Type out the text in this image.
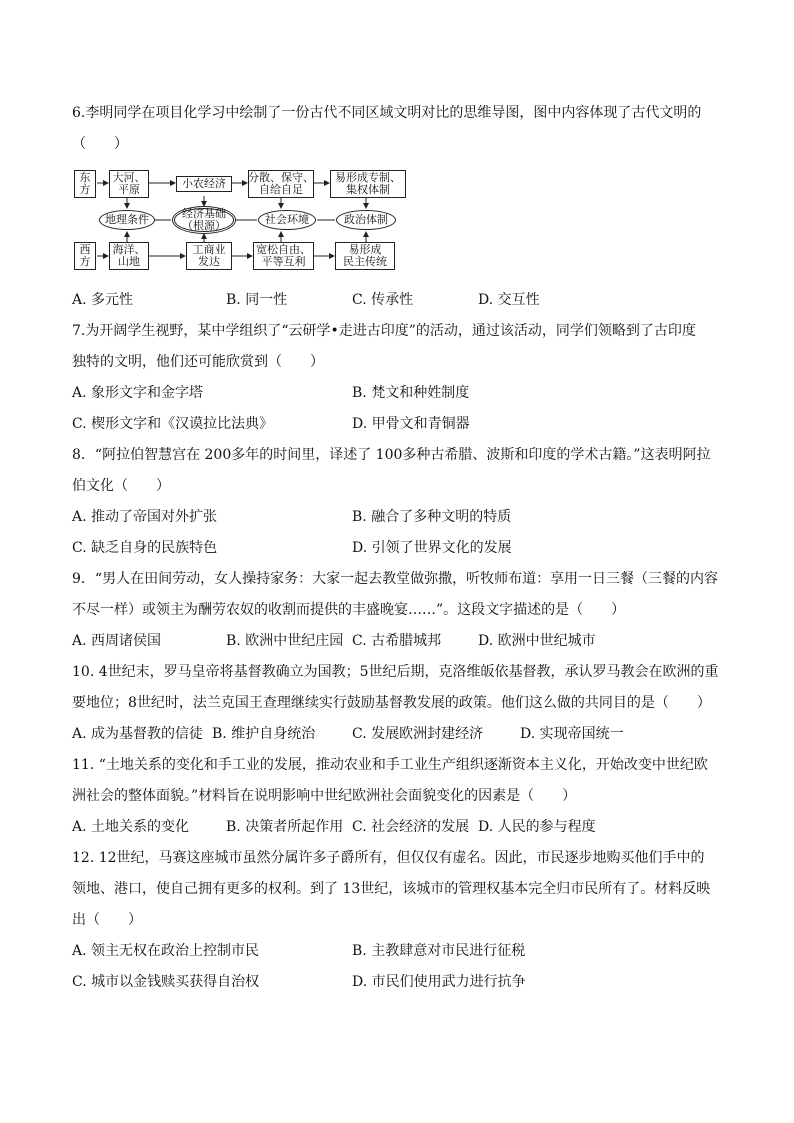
6.李明同学在项目化学习中绘制了一份古代不同区域文明对比的思维导图，图中内容体现了古代文明的
（　　）
东
方
大河、
平原	小农经济	分散、保守、
自给自足
易形成专制、
集权体制
地理条件	经济基础
（根源）	社会环境	政治体制
西
方
海洋、
山地
工商业
发达
宽松自由、
平等互利
易形成
民主传统
A. 多元性	B. 同一性	C. 传承性	D. 交互性
7.为开阔学生视野，某中学组织了“云研学•走进古印度”的活动，通过该活动，同学们领略到了古印度
独特的文明，他们还可能欣赏到（　　）
A. 象形文字和金字塔	B. 梵文和种姓制度
C. 楔形文字和《汉谟拉比法典》	D. 甲骨文和青铜器
8．“阿拉伯智慧宫在 200多年的时间里，译述了 100多种古希腊、波斯和印度的学术古籍。”这表明阿拉
伯文化（　　）
A. 推动了帝国对外扩张	B. 融合了多种文明的特质
C. 缺乏自身的民族特色	D. 引领了世界文化的发展
9．“男人在田间劳动，女人操持家务：大家一起去教堂做弥撒，听牧师布道：享用一日三餐（三餐的内容
不尽一样）或领主为酬劳农奴的收割而提供的丰盛晚宴……”。这段文字描述的是（　　）
A. 西周诸侯国	B. 欧洲中世纪庄园 C. 古希腊城邦	D. 欧洲中世纪城市
10. 4世纪末，罗马皇帝将基督教确立为国教；5世纪后期，克洛维皈依基督教，承认罗马教会在欧洲的重
要地位；8世纪时，法兰克国王查理继续实行鼓励基督教发展的政策。他们这么做的共同目的是（　　）
A. 成为基督教的信徒 B. 维护自身统治	C. 发展欧洲封建经济	D. 实现帝国统一
11. “土地关系的变化和手工业的发展，推动农业和手工业生产组织逐渐资本主义化，开始改变中世纪欧
洲社会的整体面貌。”材料旨在说明影响中世纪欧洲社会面貌变化的因素是（　　）
A. 土地关系的变化	B. 决策者所起作用 C. 社会经济的发展 D. 人民的参与程度
12. 12世纪，马赛这座城市虽然分属许多子爵所有，但仅仅有虚名。因此，市民逐步地购买他们手中的
领地、港口，使自己拥有更多的权利。到了 13世纪，该城市的管理权基本完全归市民所有了。材料反映
出（　　）
A. 领主无权在政治上控制市民	B. 主教肆意对市民进行征税
C. 城市以金钱赎买获得自治权	D. 市民们使用武力进行抗争
